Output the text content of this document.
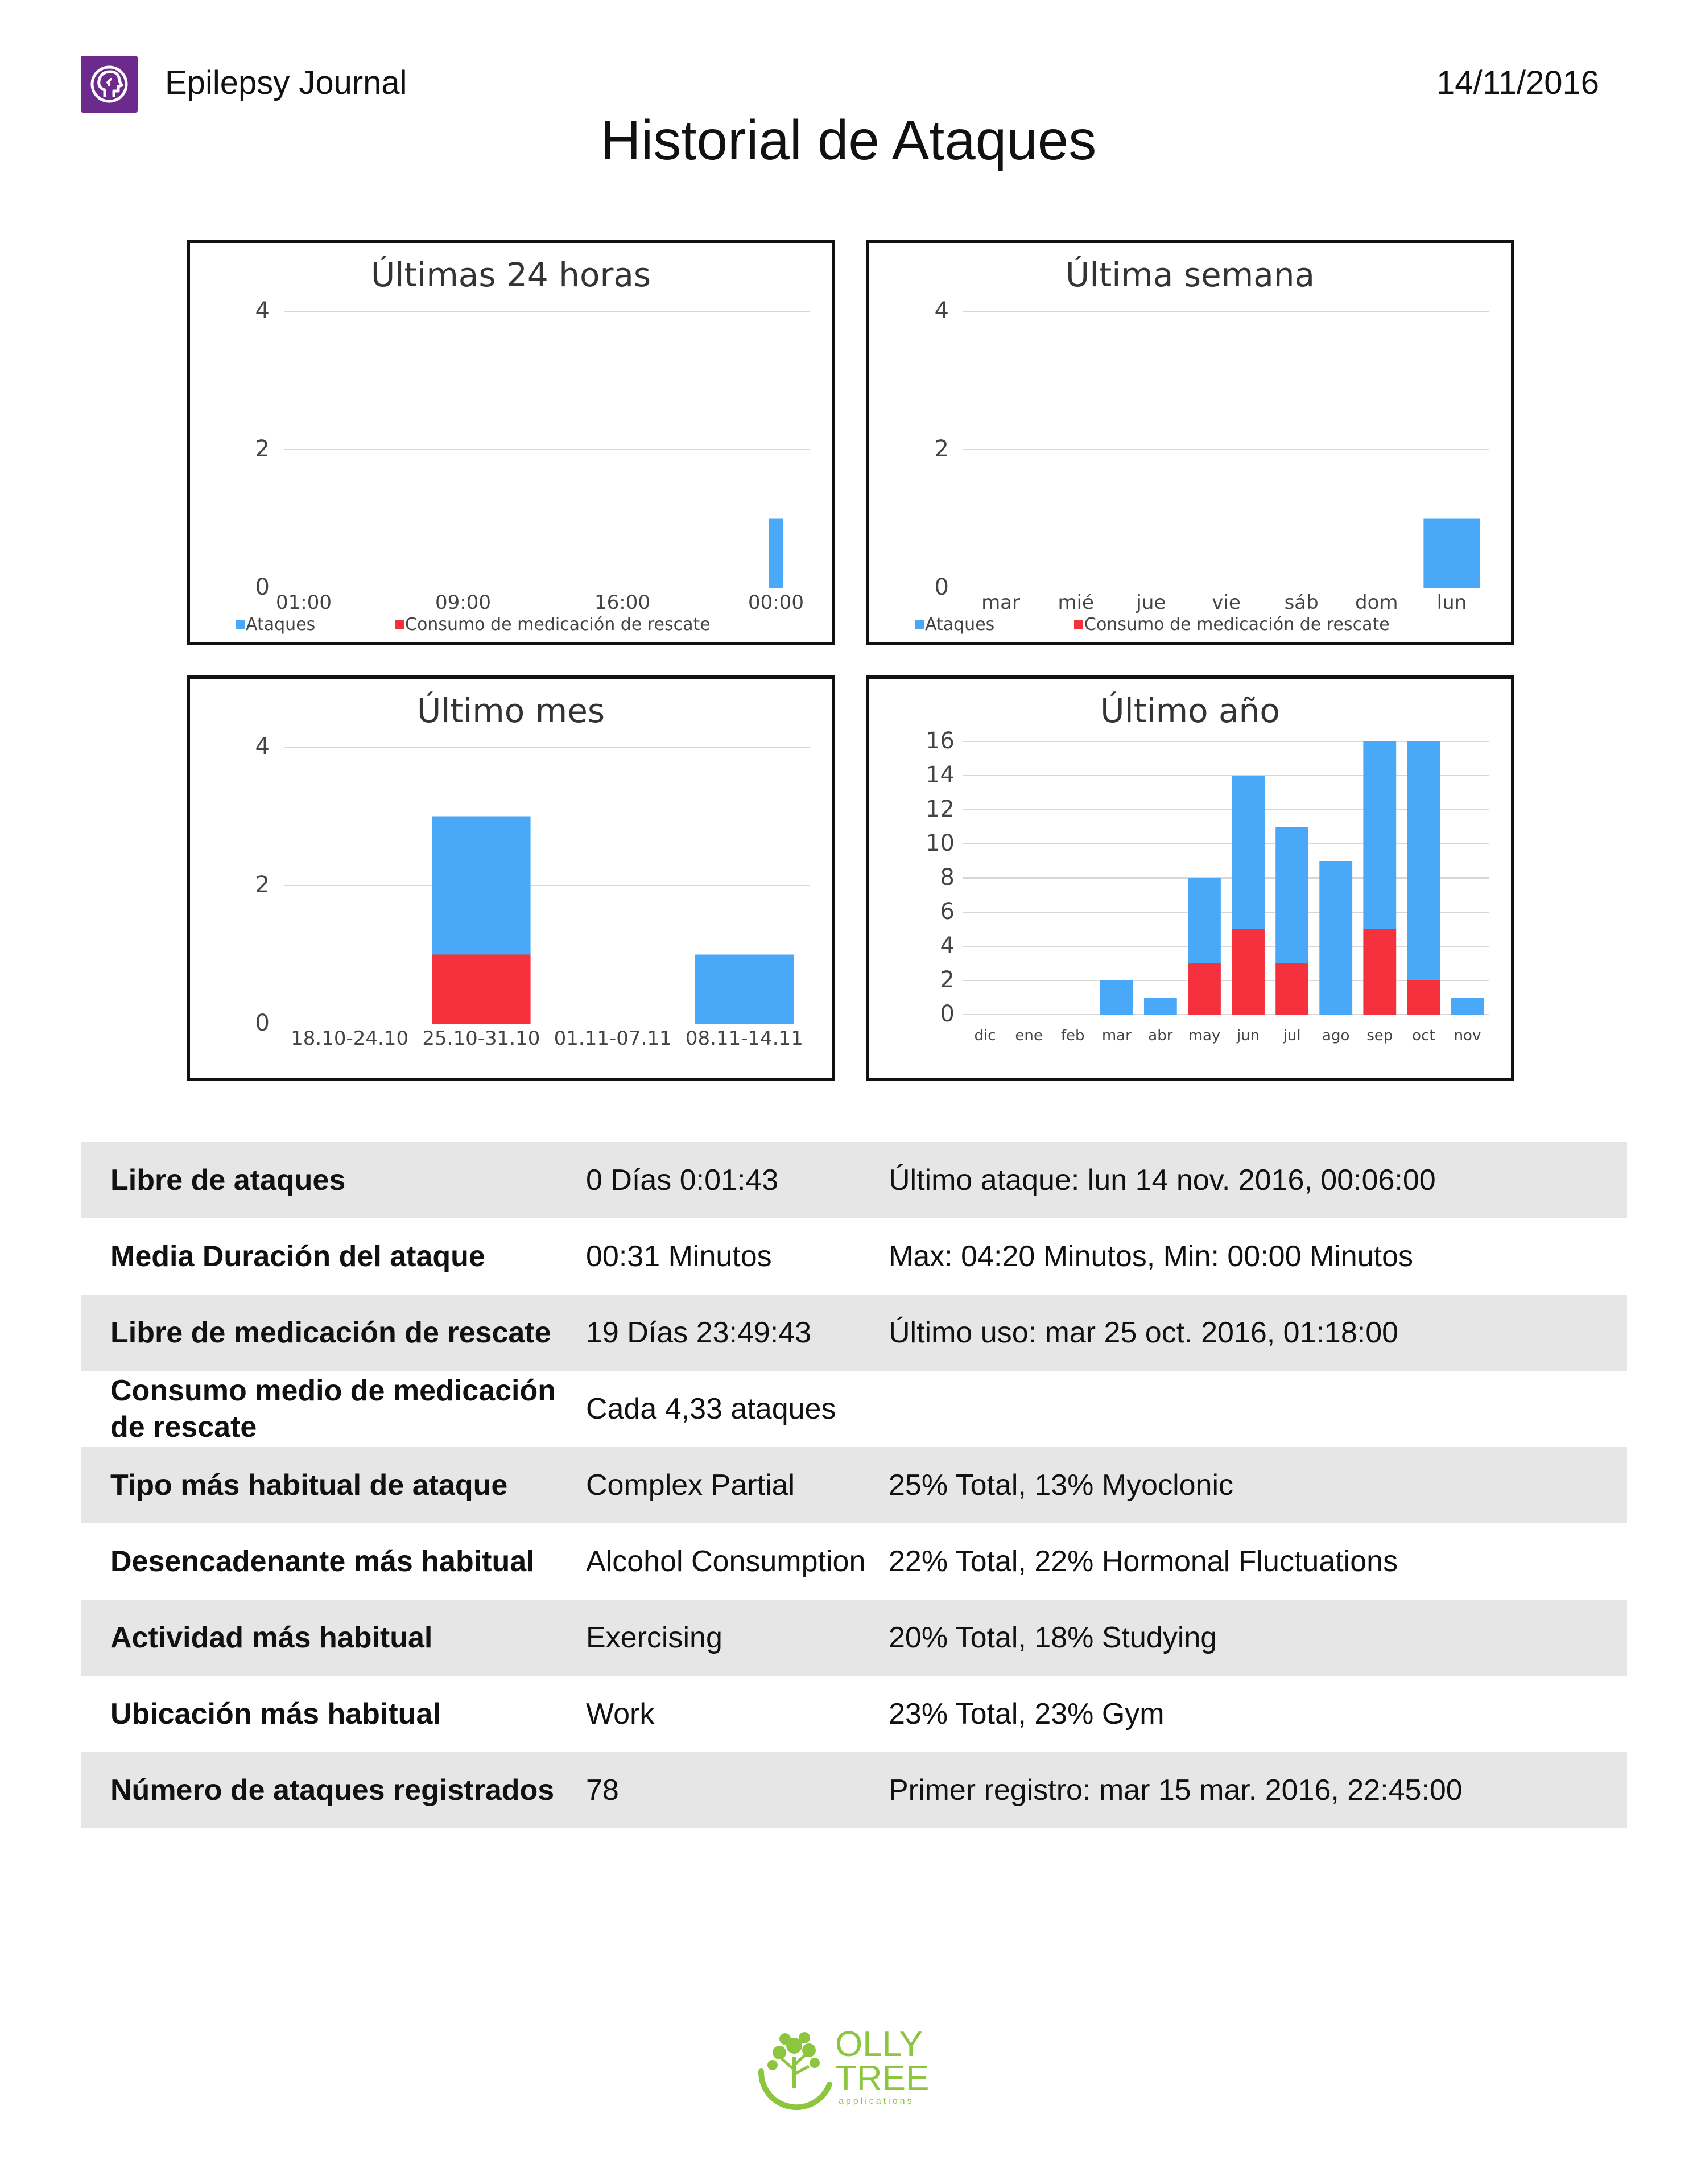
Epilepsy Journal	14/11/2016
Historial de Ataques
Últimas 24 horas
0
2
4
01:00	09:00	16:00	00:00
Ataques	Consumo de medicación de rescate
Última semana
0
2
4
mar mié jue vie sáb dom lun
Ataques	Consumo de medicación de rescate
Último mes
0
2
4
18.10-24.10 25.10-31.10 01.11-07.11 08.11-14.11
Último año
0
2
4
6
8
10
12
14
16
dic ene feb mar abr may jun jul ago sep oct nov
Libre de ataques	0 Días 0:01:43	Último ataque: lun 14 nov. 2016, 00:06:00
Media Duración del ataque	00:31 Minutos	Max: 04:20 Minutos, Min: 00:00 Minutos
Libre de medicación de rescate	19 Días 23:49:43	Último uso: mar 25 oct. 2016, 01:18:00
Consumo medio de medicación de rescate	Cada 4,33 ataques	
Tipo más habitual de ataque	Complex Partial	25% Total, 13% Myoclonic
Desencadenante más habitual	Alcohol Consumption	22% Total, 22% Hormonal Fluctuations
Actividad más habitual	Exercising	20% Total, 18% Studying
Ubicación más habitual	Work	23% Total, 23% Gym
Número de ataques registrados	78	Primer registro: mar 15 mar. 2016, 22:45:00
OLLY
TREE
applications
